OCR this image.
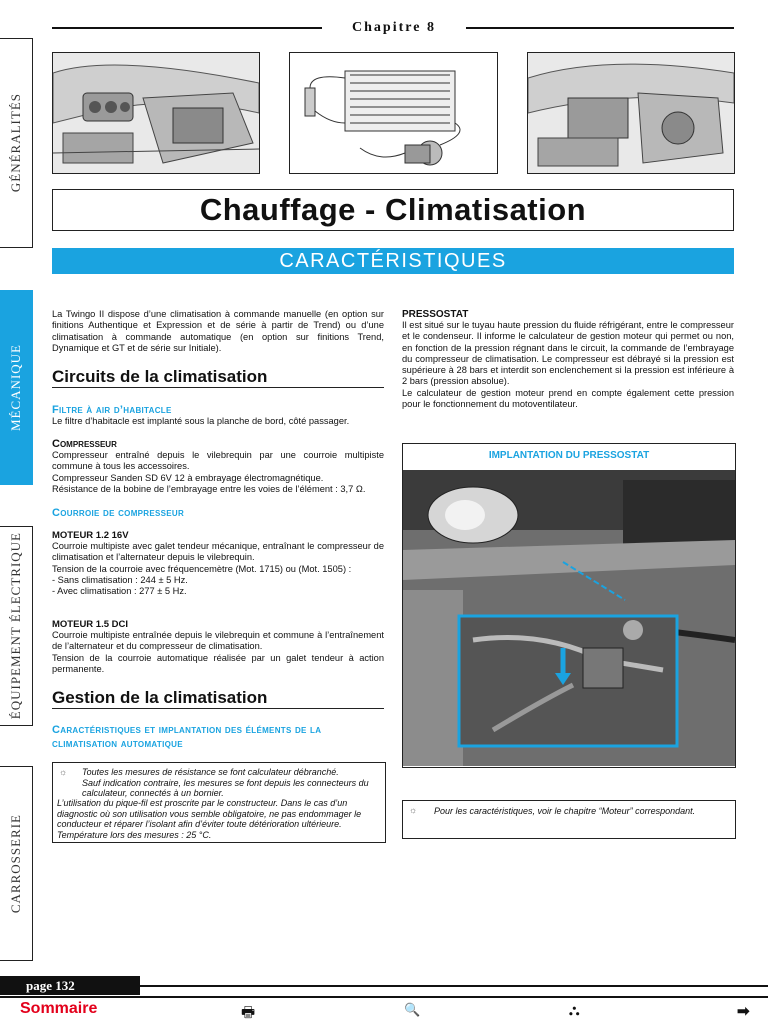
Chapitre 8
GÉNÉRALITÉS
MÉCANIQUE
ÉQUIPEMENT ÉLECTRIQUE
CARROSSERIE
Chauffage - Climatisation
CARACTÉRISTIQUES

La Twingo II dispose d’une climatisation à commande manuelle (en option sur finitions Authentique et Expression et de série à partir de Trend) ou d’une climatisation à commande automatique (en option sur finitions Trend, Dynamique et GT et de série sur Initiale).

Circuits de la climatisation

Filtre à air d’habitacle

Le filtre d’habitacle est implanté sous la planche de bord, côté passager.

Compresseur

Compresseur entraîné depuis le vilebrequin par une courroie multipiste commune à tous les accessoires.

Compresseur Sanden SD 6V 12 à embrayage électromagnétique.

Résistance de la bobine de l’embrayage entre les voies de l’élément : 3,7 Ω.

Courroie de compresseur

MOTEUR 1.2 16V

Courroie multipiste avec galet tendeur mécanique, entraînant le compresseur de climatisation et l’alternateur depuis le vilebrequin.

Tension de la courroie avec fréquencemètre (Mot. 1715) ou (Mot. 1505) :

- Sans climatisation : 244 ± 5 Hz.

- Avec climatisation : 277 ± 5 Hz.

MOTEUR 1.5 DCI

Courroie multipiste entraînée depuis le vilebrequin et commune à l’entraînement de l’alternateur et du compresseur de climatisation.

Tension de la courroie automatique réalisée par un galet tendeur à action permanente.

Gestion de la climatisation

Caractéristiques et implantation des éléments de la climatisation automatique

☼ Toutes les mesures de résistance se font calculateur débranché.

Sauf indication contraire, les mesures se font depuis les connecteurs du calculateur, connectés à un bornier.

L’utilisation du pique-fil est proscrite par le constructeur. Dans le cas d’un diagnostic où son utilisation vous semble obligatoire, ne pas endommager le conducteur et réparer l’isolant afin d’éviter toute détérioration ultérieure.

Température lors des mesures : 25 °C.

PRESSOSTAT

Il est situé sur le tuyau haute pression du fluide réfrigérant, entre le compresseur et le condenseur. Il informe le calculateur de gestion moteur qui permet ou non, en fonction de la pression régnant dans le circuit, la commande de l’embrayage du compresseur de climatisation. Le compresseur est débrayé si la pression est supérieure à 28 bars et interdit son enclenchement si la pression est inférieure à 2 bars (pression absolue).

Le calculateur de gestion moteur prend en compte également cette pression pour le fonctionnement du motoventilateur.

IMPLANTATION DU PRESSOSTAT
☼ Pour les caractéristiques, voir le chapitre “Moteur” correspondant.

page 132
Sommaire	🖶	🔍	⛬	➡
